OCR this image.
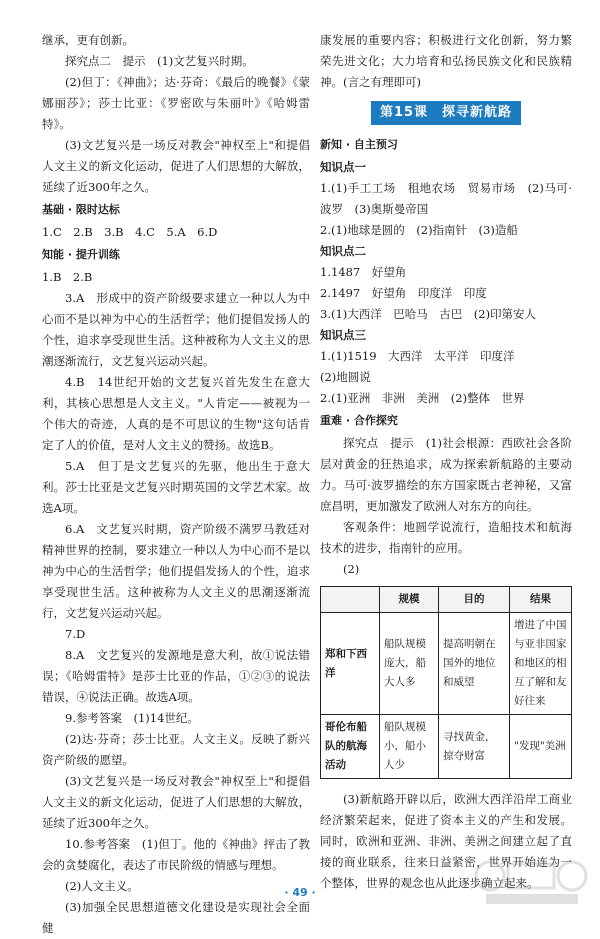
继承，更有创新。
探究点二　提示　(1)文艺复兴时期。
(2)但丁：《神曲》；达·芬奇：《最后的晚餐》《蒙娜丽莎》；莎士比亚：《罗密欧与朱丽叶》《哈姆雷特》。
(3)文艺复兴是一场反对教会"神权至上"和提倡人文主义的新文化运动，促进了人们思想的大解放，延续了近300年之久。
基础 · 限时达标
1.C　2.B　3.B　4.C　5.A　6.D
知能 · 提升训练
1.B　2.B
3.A　形成中的资产阶级要求建立一种以人为中心而不是以神为中心的生活哲学；他们提倡发扬人的个性，追求享受现世生活。这种被称为人文主义的思潮逐渐流行，文艺复兴运动兴起。
4.B　14世纪开始的文艺复兴首先发生在意大利，其核心思想是人文主义。"人肯定——被视为一个伟大的奇迹，人真的是不可思议的生物"这句话肯定了人的价值，是对人文主义的赞扬。故选B。
5.A　但丁是文艺复兴的先驱，他出生于意大利。莎士比亚是文艺复兴时期英国的文学艺术家。故选A项。
6.A　文艺复兴时期，资产阶级不满罗马教廷对精神世界的控制，要求建立一种以人为中心而不是以神为中心的生活哲学；他们提倡发扬人的个性，追求享受现世生活。这种被称为人文主义的思潮逐渐流行，文艺复兴运动兴起。
7.D
8.A　文艺复兴的发源地是意大利，故①说法错误；《哈姆雷特》是莎士比亚的作品，①②③的说法错误，④说法正确。故选A项。
9.参考答案　(1)14世纪。
(2)达·芬奇；莎士比亚。人文主义。反映了新兴资产阶级的愿望。
(3)文艺复兴是一场反对教会"神权至上"和提倡人文主义的新文化运动，促进了人们思想的大解放，延续了近300年之久。
10.参考答案　(1)但丁。他的《神曲》抨击了教会的贪婪腐化，表达了市民阶级的情感与理想。
(2)人文主义。
(3)加强全民思想道德文化建设是实现社会全面健
康发展的重要内容；积极进行文化创新，努力繁荣先进文化；大力培育和弘扬民族文化和民族精神。(言之有理即可)
第15课　探寻新航路
新知 · 自主预习
知识点一
1.(1)手工工场　租地农场　贸易市场　(2)马可·波罗　(3)奥斯曼帝国
2.(1)地球是圆的　(2)指南针　(3)造船
知识点二
1.1487　好望角
2.1497　好望角　印度洋　印度
3.(1)大西洋　巴哈马　古巴　(2)印第安人
知识点三
1.(1)1519　大西洋　太平洋　印度洋
(2)地圆说
2.(1)亚洲　非洲　美洲　(2)整体　世界
重难 · 合作探究
探究点　提示　(1)社会根源：西欧社会各阶层对黄金的狂热追求，成为探索新航路的主要动力。马可·波罗描绘的东方国家既古老神秘，又富庶昌明，更加激发了欧洲人对东方的向往。
客观条件：地圆学说流行，造船技术和航海技术的进步，指南针的应用。
(2)
	规模	目的	结果
郑和下西洋	船队规模庞大，船大人多	提高明朝在国外的地位和威望	增进了中国与亚非国家和地区的相互了解和友好往来
哥伦布船队的航海活动	船队规模小，船小人少	寻找黄金，掠夺财富	"发现"美洲
(3)新航路开辟以后，欧洲大西洋沿岸工商业经济繁荣起来，促进了资本主义的产生和发展。同时，欧洲和亚洲、非洲、美洲之间建立起了直接的商业联系，往来日益紧密，世界开始连为一个整体，世界的观念也从此逐步确立起来。
· 49 ·
